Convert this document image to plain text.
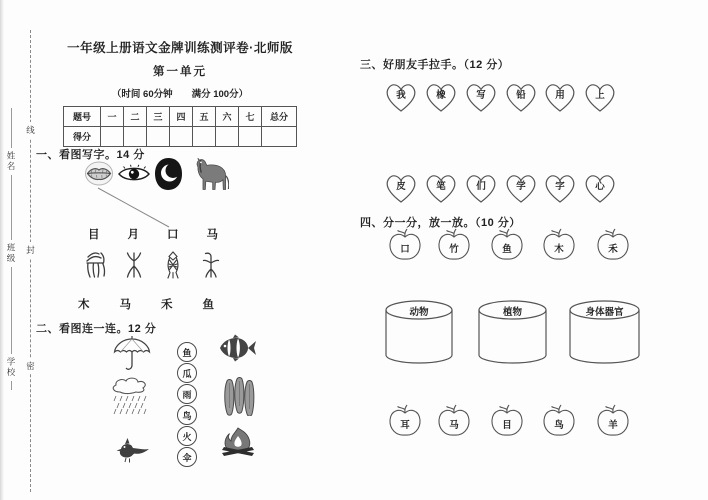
姓名
班级
学校
线
封
密
一年级上册语文金牌训练测评卷·北师版
第一单元
（时间 60分钟　　满分 100分）
题号	一	二	三	四	五	六	七	总分
得分								
一、看图写字。14 分
目 月 口 马
木	马	禾	鱼
二、看图连一连。12 分
鱼
瓜
雨
鸟
火
伞
三、好朋友手拉手。（12 分）
我	橡	写	铅	用	上
皮	笔	们	学	字	心
四、分一分，放一放。（10 分）
口	竹	鱼	木	禾
动物	植物	身体器官
耳	马	目	鸟	羊
